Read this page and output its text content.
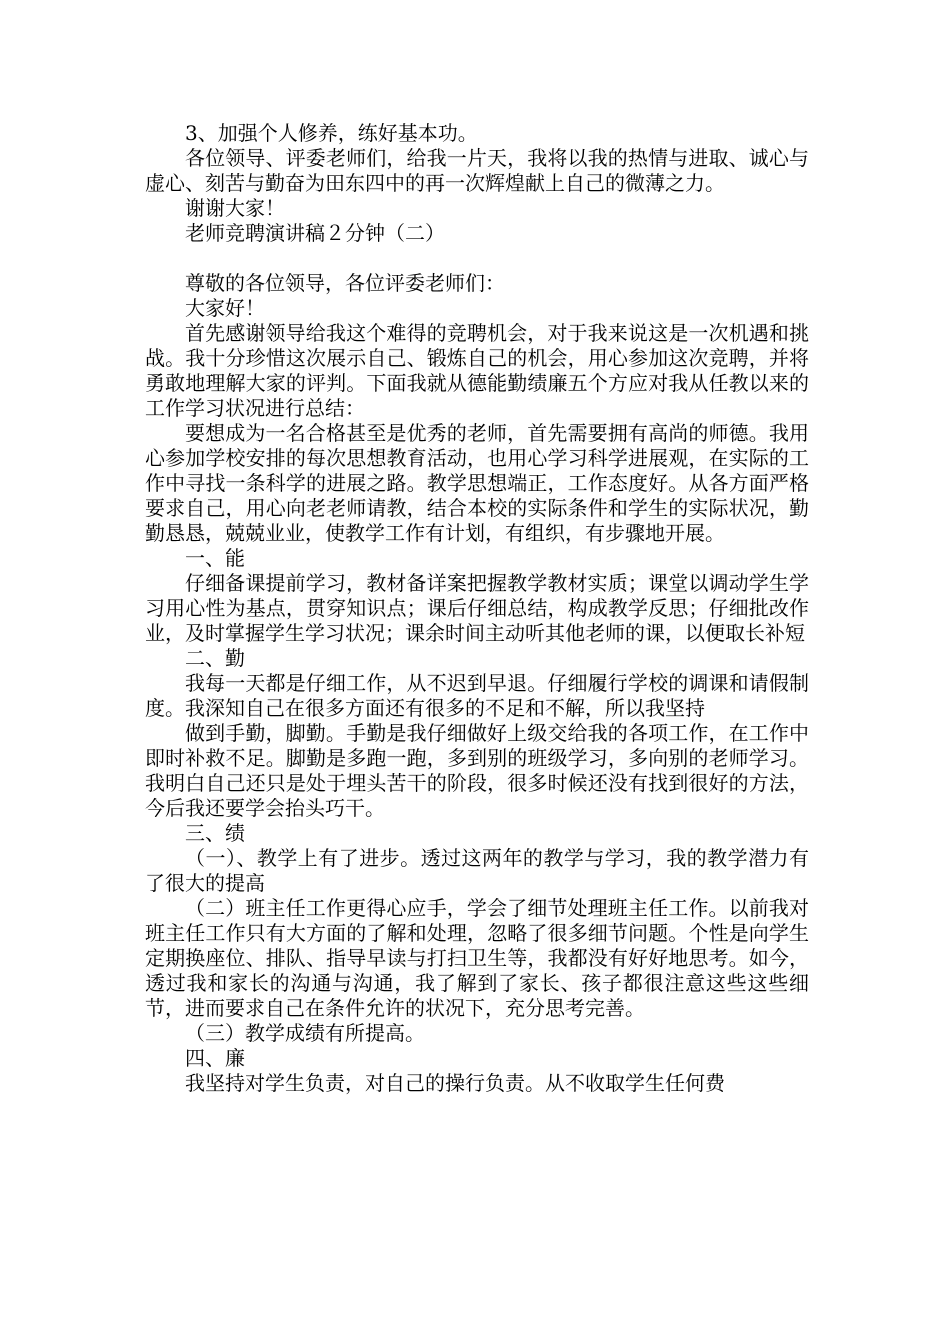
3、加强个人修养，练好基本功。

各位领导、评委老师们，给我一片天，我将以我的热情与进取、诚心与虚心、刻苦与勤奋为田东四中的再一次辉煌献上自己的微薄之力。

谢谢大家！

老师竞聘演讲稿２分钟（二）

尊敬的各位领导，各位评委老师们：

大家好！

首先感谢领导给我这个难得的竞聘机会，对于我来说这是一次机遇和挑战。我十分珍惜这次展示自己、锻炼自己的机会，用心参加这次竞聘，并将勇敢地理解大家的评判。下面我就从德能勤绩廉五个方应对我从任教以来的工作学习状况进行总结：

要想成为一名合格甚至是优秀的老师，首先需要拥有高尚的师德。我用心参加学校安排的每次思想教育活动，也用心学习科学进展观，在实际的工作中寻找一条科学的进展之路。教学思想端正，工作态度好。从各方面严格要求自己，用心向老老师请教，结合本校的实际条件和学生的实际状况，勤勤恳恳，兢兢业业，使教学工作有计划，有组织，有步骤地开展。

一、能

仔细备课提前学习，教材备详案把握教学教材实质；课堂以调动学生学习用心性为基点，贯穿知识点；课后仔细总结，构成教学反思；仔细批改作业，及时掌握学生学习状况；课余时间主动听其他老师的课，以便取长补短

二、勤

我每一天都是仔细工作，从不迟到早退。仔细履行学校的调课和请假制度。我深知自己在很多方面还有很多的不足和不解，所以我坚持

做到手勤，脚勤。手勤是我仔细做好上级交给我的各项工作，在工作中即时补救不足。脚勤是多跑一跑，多到别的班级学习，多向别的老师学习。我明白自己还只是处于埋头苦干的阶段，很多时候还没有找到很好的方法，今后我还要学会抬头巧干。

三、绩

（一）、教学上有了进步。透过这两年的教学与学习，我的教学潜力有了很大的提高

（二）班主任工作更得心应手，学会了细节处理班主任工作。以前我对班主任工作只有大方面的了解和处理，忽略了很多细节问题。个性是向学生定期换座位、排队、指导早读与打扫卫生等，我都没有好好地思考。如今，透过我和家长的沟通与沟通，我了解到了家长、孩子都很注意这些这些细节，进而要求自己在条件允许的状况下，充分思考完善。

（三）教学成绩有所提高。

四、廉

我坚持对学生负责，对自己的操行负责。从不收取学生任何费
